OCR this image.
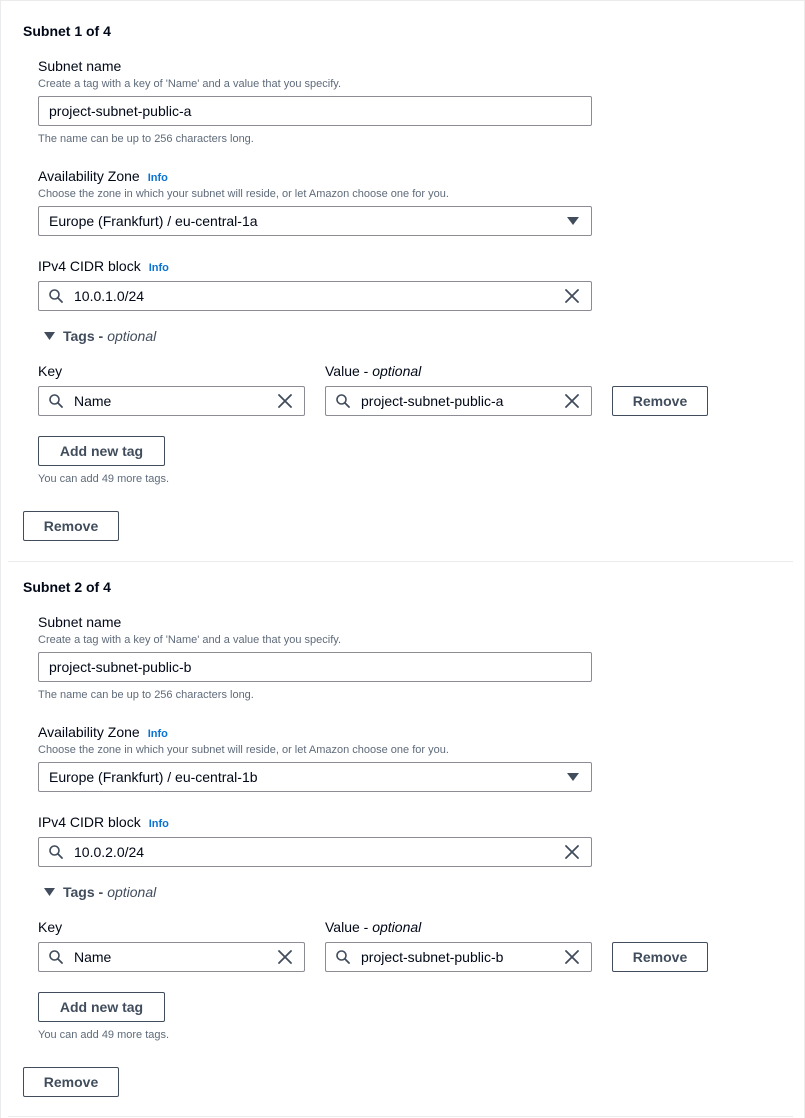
Subnet 1 of 4
Subnet name
Create a tag with a key of 'Name' and a value that you specify.
project-subnet-public-a
The name can be up to 256 characters long.
Availability Zone Info
Choose the zone in which your subnet will reside, or let Amazon choose one for you.
Europe (Frankfurt) / eu-central-1a
IPv4 CIDR block Info
10.0.1.0/24
Tags - optional
Key	Value - optional
Name	project-subnet-public-a	Remove
Add new tag
You can add 49 more tags.
Remove
Subnet 2 of 4
Subnet name
Create a tag with a key of 'Name' and a value that you specify.
project-subnet-public-b
The name can be up to 256 characters long.
Availability Zone Info
Choose the zone in which your subnet will reside, or let Amazon choose one for you.
Europe (Frankfurt) / eu-central-1b
IPv4 CIDR block Info
10.0.2.0/24
Tags - optional
Key	Value - optional
Name	project-subnet-public-b	Remove
Add new tag
You can add 49 more tags.
Remove
